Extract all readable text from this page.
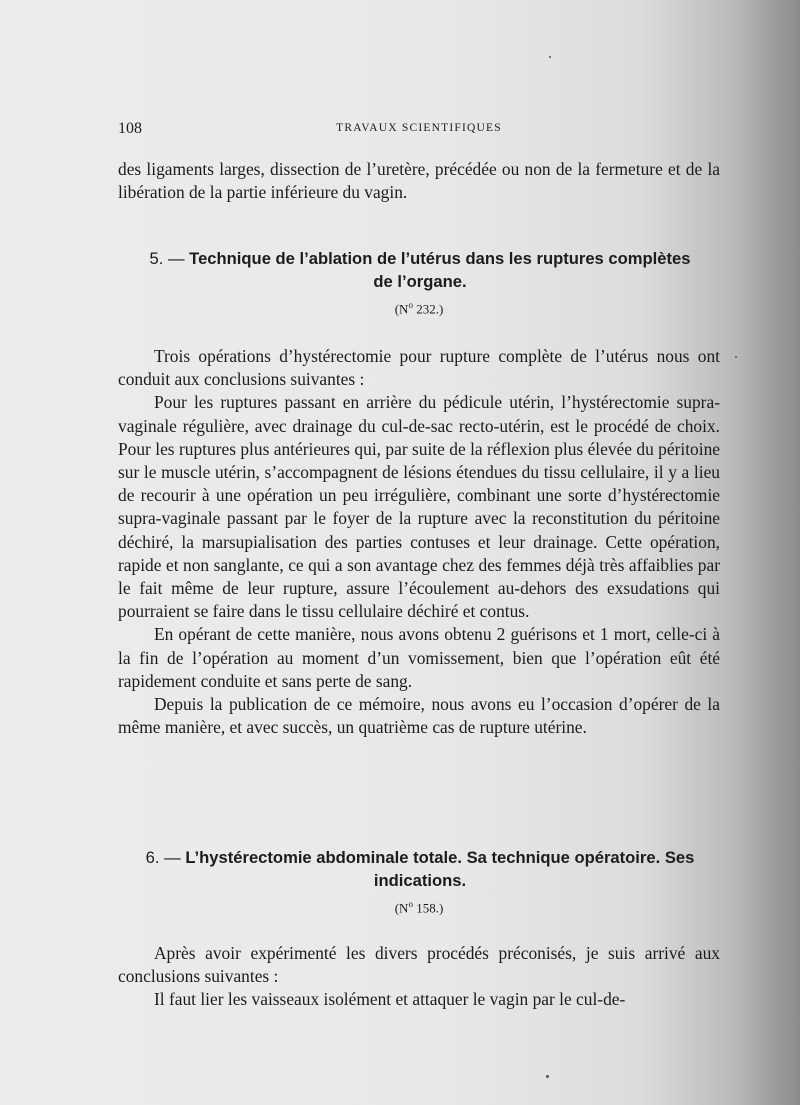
108	TRAVAUX SCIENTIFIQUES

des ligaments larges, dissection de l’uretère, précédée ou non de la fermeture et de la libération de la partie inférieure du vagin.

5. — Technique de l’ablation de l’utérus dans les ruptures complètes de l’organe.
($N^o$ 232.)

Trois opérations d’hystérectomie pour rupture complète de l’utérus nous ont conduit aux conclusions suivantes :

Pour les ruptures passant en arrière du pédicule utérin, l’hystérectomie supra-vaginale régulière, avec drainage du cul-de-sac recto-utérin, est le procédé de choix. Pour les ruptures plus antérieures qui, par suite de la réflexion plus élevée du péritoine sur le muscle utérin, s’accompagnent de lésions étendues du tissu cellulaire, il y a lieu de recourir à une opération un peu irrégulière, combinant une sorte d’hystérectomie supra-vaginale passant par le foyer de la rupture avec la reconstitution du péritoine déchiré, la marsupialisation des parties contuses et leur drainage. Cette opération, rapide et non sanglante, ce qui a son avantage chez des femmes déjà très affaiblies par le fait même de leur rupture, assure l’écoulement au-dehors des exsudations qui pourraient se faire dans le tissu cellulaire déchiré et contus.

En opérant de cette manière, nous avons obtenu 2 guérisons et 1 mort, celle-ci à la fin de l’opération au moment d’un vomissement, bien que l’opération eût été rapidement conduite et sans perte de sang.

Depuis la publication de ce mémoire, nous avons eu l’occasion d’opérer de la même manière, et avec succès, un quatrième cas de rupture utérine.

6. — L’hystérectomie abdominale totale. Sa technique opératoire. Ses indications.
($N^o$ 158.)

Après avoir expérimenté les divers procédés préconisés, je suis arrivé aux conclusions suivantes :

Il faut lier les vaisseaux isolément et attaquer le vagin par le cul-de-
